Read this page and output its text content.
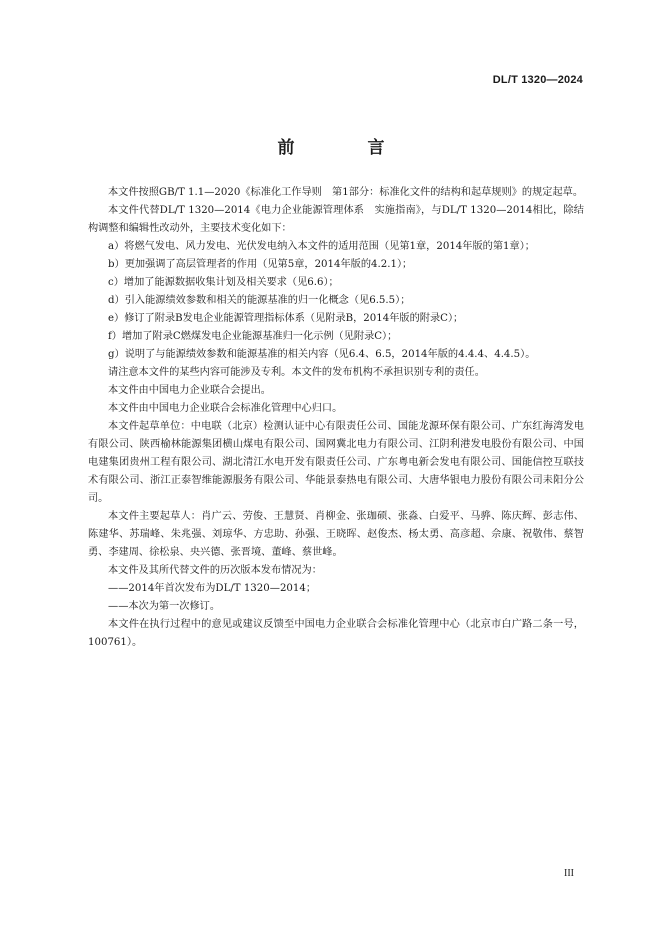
DL/T 1320—2024
前　言

本文件按照GB/T 1.1—2020《标准化工作导则　第1部分：标准化文件的结构和起草规则》的规定起草。

本文件代替DL/T 1320—2014《电力企业能源管理体系　实施指南》，与DL/T 1320—2014相比，除结构调整和编辑性改动外，主要技术变化如下：

a）将燃气发电、风力发电、光伏发电纳入本文件的适用范围（见第1章，2014年版的第1章）；

b）更加强调了高层管理者的作用（见第5章，2014年版的4.2.1）；

c）增加了能源数据收集计划及相关要求（见6.6）；

d）引入能源绩效参数和相关的能源基准的归一化概念（见6.5.5）；

e）修订了附录B发电企业能源管理指标体系（见附录B，2014年版的附录C）；

f）增加了附录C燃煤发电企业能源基准归一化示例（见附录C）；

g）说明了与能源绩效参数和能源基准的相关内容（见6.4、6.5，2014年版的4.4.4、4.4.5）。

请注意本文件的某些内容可能涉及专利。本文件的发布机构不承担识别专利的责任。

本文件由中国电力企业联合会提出。

本文件由中国电力企业联合会标准化管理中心归口。

本文件起草单位：中电联（北京）检测认证中心有限责任公司、国能龙源环保有限公司、广东红海湾发电有限公司、陕西榆林能源集团横山煤电有限公司、国网冀北电力有限公司、江阴利港发电股份有限公司、中国电建集团贵州工程有限公司、湖北清江水电开发有限责任公司、广东粤电新会发电有限公司、国能信控互联技术有限公司、浙江正泰智维能源服务有限公司、华能景泰热电有限公司、大唐华银电力股份有限公司耒阳分公司。

本文件主要起草人：肖广云、劳俊、王慧贤、肖柳金、张珈硕、张淼、白爱平、马骅、陈庆辉、彭志伟、陈建华、苏瑞峰、朱兆强、刘琼华、方忠助、孙强、王晓晖、赵俊杰、杨太勇、高彦超、佘康、祝敬伟、蔡智勇、李建周、徐松泉、央兴德、张晋境、董峰、蔡世峰。

本文件及其所代替文件的历次版本发布情况为：

——2014年首次发布为DL/T 1320—2014；

——本次为第一次修订。

本文件在执行过程中的意见或建议反馈至中国电力企业联合会标准化管理中心（北京市白广路二条一号，100761）。

III
